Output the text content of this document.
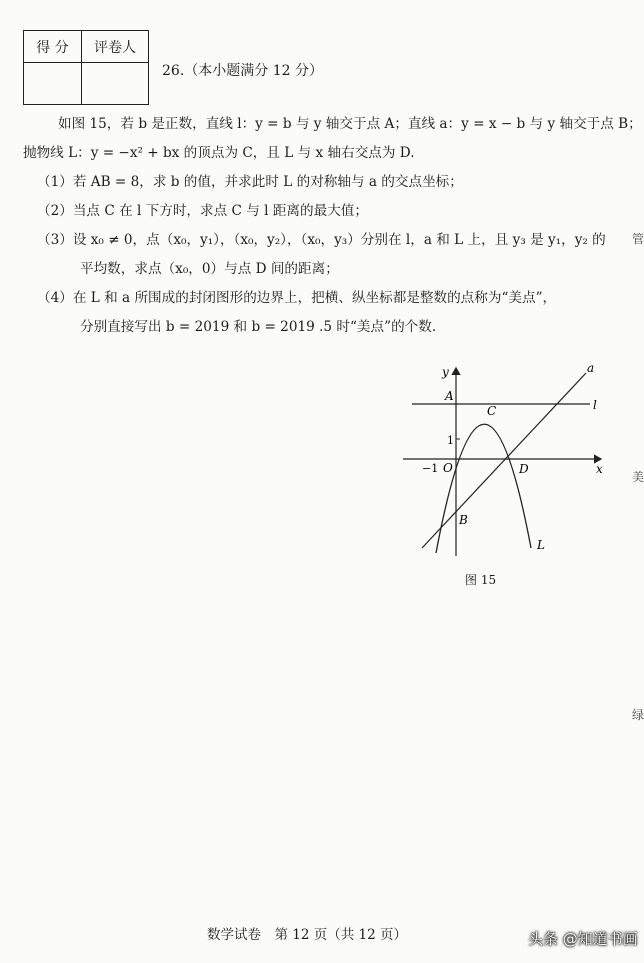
得 分	评卷人

26.（本小题满分 12 分）
如图 15，若 b 是正数，直线 l：y = b 与 y 轴交于点 A；直线 a：y = x − b 与 y 轴交于点 B；
抛物线 L：y = −x² + bx 的顶点为 C，且 L 与 x 轴右交点为 D.
（1）若 AB = 8，求 b 的值，并求此时 L 的对称轴与 a 的交点坐标；
（2）当点 C 在 l 下方时，求点 C 与 l 距离的最大值；
（3）设 x₀ ≠ 0，点（x₀，y₁），（x₀，y₂），（x₀，y₃）分别在 l，a 和 L 上，且 y₃ 是 y₁，y₂ 的
平均数，求点（x₀，0）与点 D 间的距离；
（4）在 L 和 a 所围成的封闭图形的边界上，把横、纵坐标都是整数的点称为“美点”，
分别直接写出 b = 2019 和 b = 2019 .5 时“美点”的个数.
y
x
A
C
D
B
O
1
−1
l
a
L
图 15
数学试卷　第 12 页（共 12 页）	头条 @知道书画
管
美
绿
